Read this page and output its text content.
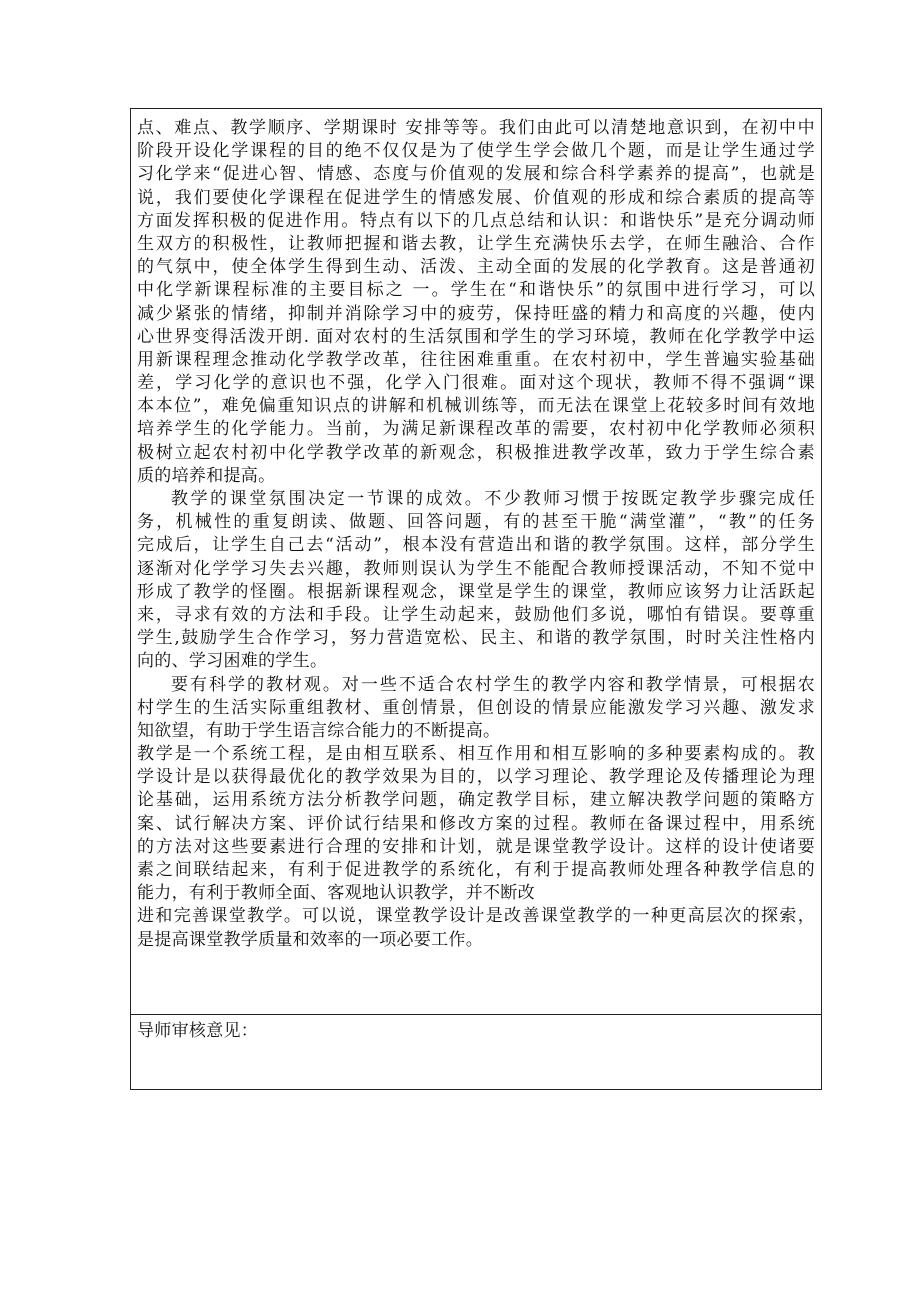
点、难点、教学顺序、学期课时 安排等等。我们由此可以清楚地意识到，在初中中
阶段开设化学课程的目的绝不仅仅是为了使学生学会做几个题，而是让学生通过学
习化学来“促进心智、情感、态度与价值观的发展和综合科学素养的提高”，也就是
说，我们要使化学课程在促进学生的情感发展、价值观的形成和综合素质的提高等
方面发挥积极的促进作用。特点有以下的几点总结和认识：和谐快乐”是充分调动师
生双方的积极性，让教师把握和谐去教，让学生充满快乐去学，在师生融洽、合作
的气氛中，使全体学生得到生动、活泼、主动全面的发展的化学教育。这是普通初
中化学新课程标准的主要目标之 一。学生在“和谐快乐”的氛围中进行学习，可以
减少紧张的情绪，抑制并消除学习中的疲劳，保持旺盛的精力和高度的兴趣，使内
心世界变得活泼开朗. 面对农村的生活氛围和学生的学习环境，教师在化学教学中运
用新课程理念推动化学教学改革，往往困难重重。在农村初中，学生普遍实验基础
差，学习化学的意识也不强，化学入门很难。面对这个现状，教师不得不强调“课
本本位”，难免偏重知识点的讲解和机械训练等，而无法在课堂上花较多时间有效地
培养学生的化学能力。当前，为满足新课程改革的需要，农村初中化学教师必须积
极树立起农村初中化学教学改革的新观念，积极推进教学改革，致力于学生综合素
质的培养和提高。
教学的课堂氛围决定一节课的成效。不少教师习惯于按既定教学步骤完成任
务，机械性的重复朗读、做题、回答问题，有的甚至干脆“满堂灌”，“教”的任务
完成后，让学生自己去“活动”，根本没有营造出和谐的教学氛围。这样，部分学生
逐渐对化学学习失去兴趣，教师则误认为学生不能配合教师授课活动，不知不觉中
形成了教学的怪圈。根据新课程观念，课堂是学生的课堂，教师应该努力让活跃起
来，寻求有效的方法和手段。让学生动起来，鼓励他们多说，哪怕有错误。要尊重
学生,鼓励学生合作学习，努力营造宽松、民主、和谐的教学氛围，时时关注性格内
向的、学习困难的学生。
要有科学的教材观。对一些不适合农村学生的教学内容和教学情景，可根据农
村学生的生活实际重组教材、重创情景，但创设的情景应能激发学习兴趣、激发求
知欲望，有助于学生语言综合能力的不断提高。
教学是一个系统工程，是由相互联系、相互作用和相互影响的多种要素构成的。教
学设计是以获得最优化的教学效果为目的，以学习理论、教学理论及传播理论为理
论基础，运用系统方法分析教学问题，确定教学目标，建立解决教学问题的策略方
案、试行解决方案、评价试行结果和修改方案的过程。教师在备课过程中，用系统
的方法对这些要素进行合理的安排和计划，就是课堂教学设计。这样的设计使诸要
素之间联结起来，有利于促进教学的系统化，有利于提高教师处理各种教学信息的
能力，有利于教师全面、客观地认识教学，并不断改
进和完善课堂教学。可以说，课堂教学设计是改善课堂教学的一种更高层次的探索，
是提高课堂教学质量和效率的一项必要工作。
导师审核意见：
